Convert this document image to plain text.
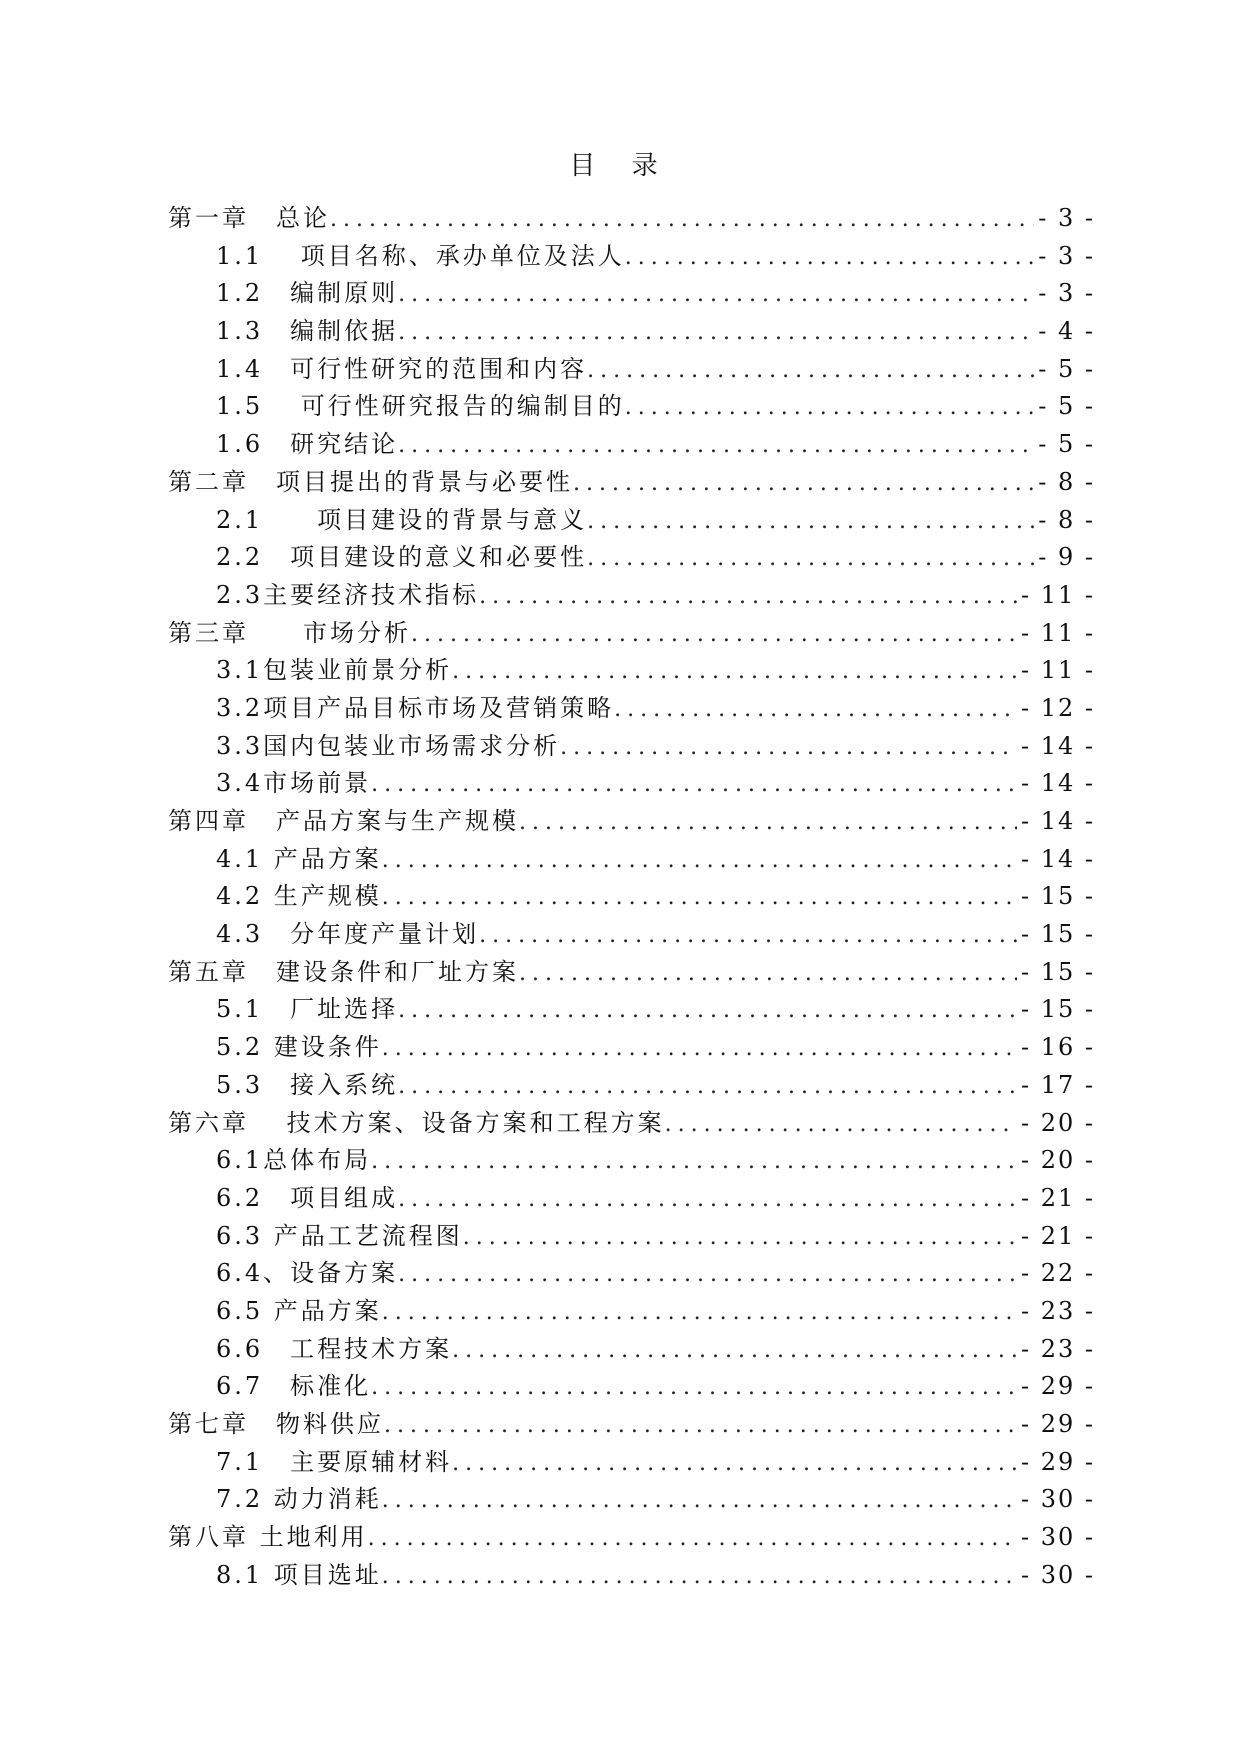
目 录
第一章　总论 .....	- 3 -
1.1　 项目名称、承办单位及法人 .....	- 3 -
1.2　编制原则 .....	- 3 -
1.3　编制依据 .....	- 4 -
1.4　可行性研究的范围和内容 .....	- 5 -
1.5　 可行性研究报告的编制目的 .....	- 5 -
1.6　研究结论 .....	- 5 -
第二章　项目提出的背景与必要性 .....	- 8 -
2.1　　项目建设的背景与意义 .....	- 8 -
2.2　项目建设的意义和必要性 .....	- 9 -
2.3主要经济技术指标 .....	- 11 -
第三章　　市场分析 .....	- 11 -
3.1包装业前景分析 .....	- 11 -
3.2项目产品目标市场及营销策略 .....	- 12 -
3.3国内包装业市场需求分析 .....	- 14 -
3.4市场前景 .....	- 14 -
第四章　产品方案与生产规模 .....	- 14 -
4.1 产品方案 .....	- 14 -
4.2 生产规模 .....	- 15 -
4.3　分年度产量计划 .....	- 15 -
第五章　建设条件和厂址方案 .....	- 15 -
5.1　厂址选择 .....	- 15 -
5.2 建设条件 .....	- 16 -
5.3　接入系统 .....	- 17 -
第六章　 技术方案、设备方案和工程方案 .....	- 20 -
6.1总体布局 .....	- 20 -
6.2　项目组成 .....	- 21 -
6.3 产品工艺流程图 .....	- 21 -
6.4、设备方案 .....	- 22 -
6.5 产品方案 .....	- 23 -
6.6　工程技术方案 .....	- 23 -
6.7　标准化 .....	- 29 -
第七章　物料供应 .....	- 29 -
7.1　主要原辅材料 .....	- 29 -
7.2 动力消耗 .....	- 30 -
第八章 土地利用 .....	- 30 -
8.1 项目选址 .....	- 30 -
